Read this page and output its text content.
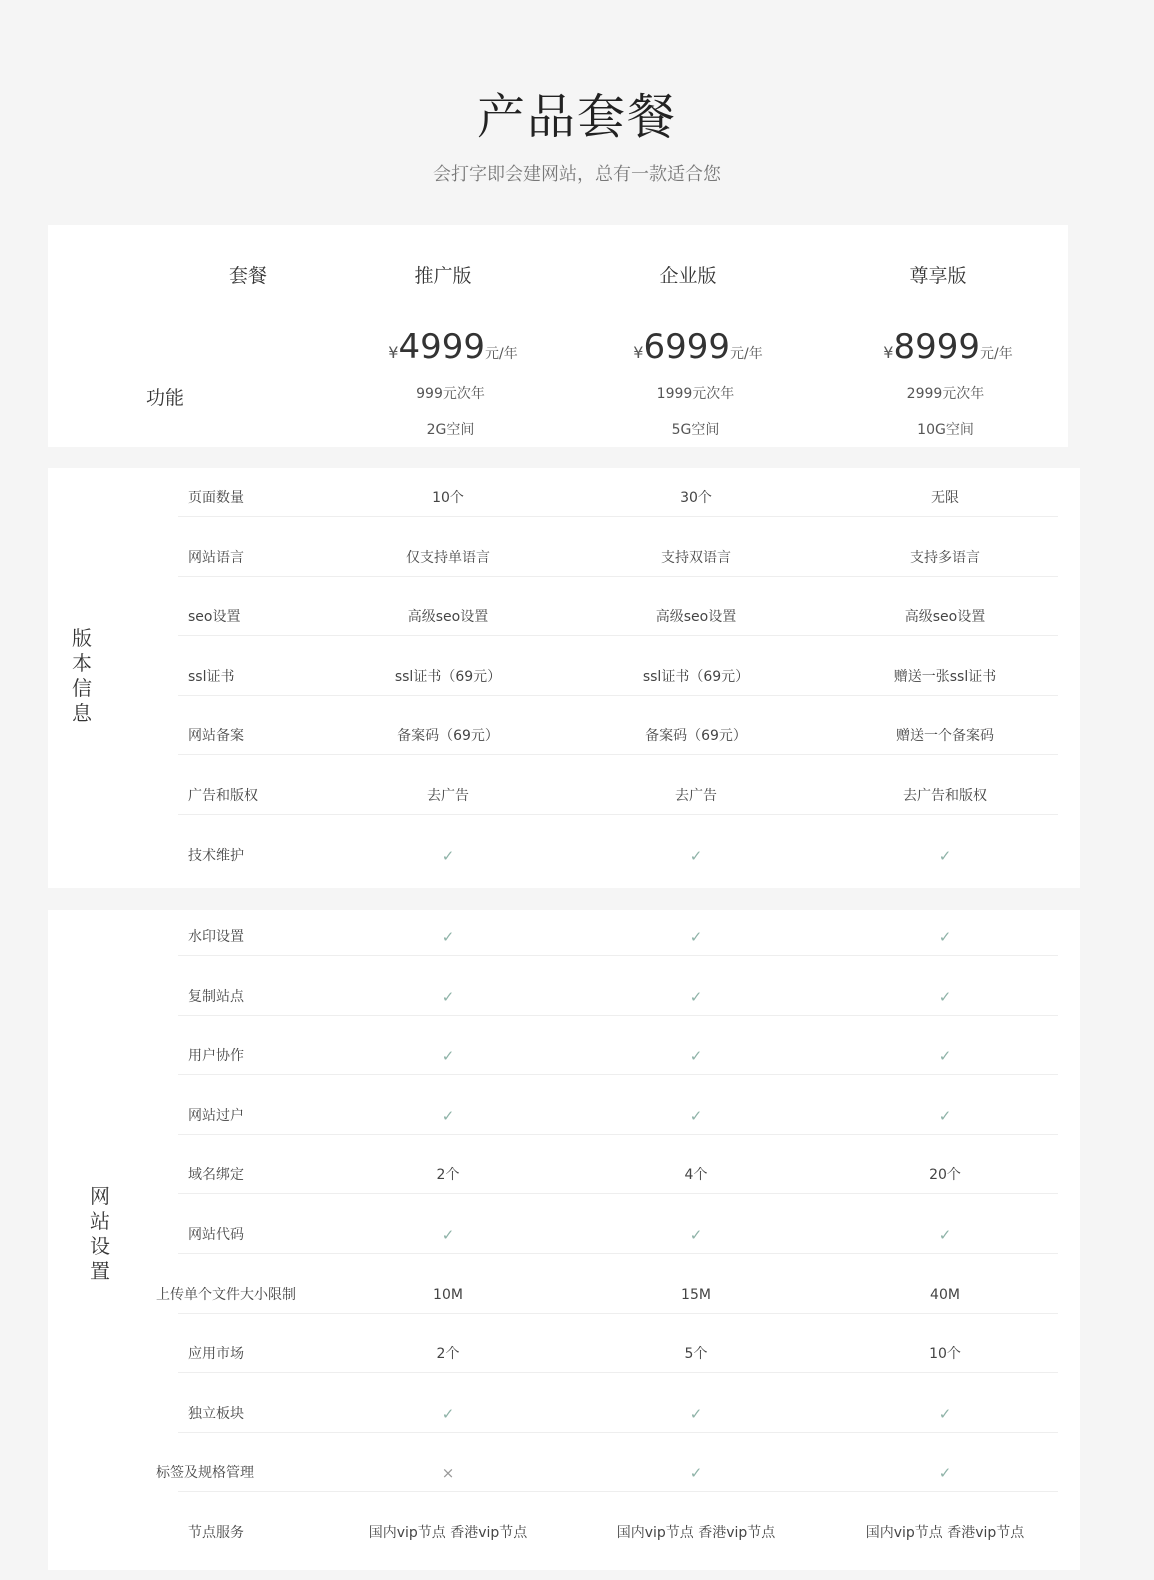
产品套餐
会打字即会建网站，总有一款适合您
套餐
功能
推广版	企业版	尊享版
¥4999元/年	¥6999元/年	¥8999元/年
999元次年	1999元次年	2999元次年
2G空间	5G空间	10G空间
版本信息
页面数量	10个	30个	无限
网站语言	仅支持单语言	支持双语言	支持多语言
seo设置	高级seo设置	高级seo设置	高级seo设置
ssl证书	ssl证书（69元）	ssl证书（69元）	赠送一张ssl证书
网站备案	备案码（69元）	备案码（69元）	赠送一个备案码
广告和版权	去广告	去广告	去广告和版权
技术维护	✓	✓	✓
网站设置
水印设置	✓	✓	✓
复制站点	✓	✓	✓
用户协作	✓	✓	✓
网站过户	✓	✓	✓
域名绑定	2个	4个	20个
网站代码	✓	✓	✓
上传单个文件大小限制	10M	15M	40M
应用市场	2个	5个	10个
独立板块	✓	✓	✓
标签及规格管理	×	✓	✓
节点服务	国内vip节点 香港vip节点	国内vip节点 香港vip节点	国内vip节点 香港vip节点
